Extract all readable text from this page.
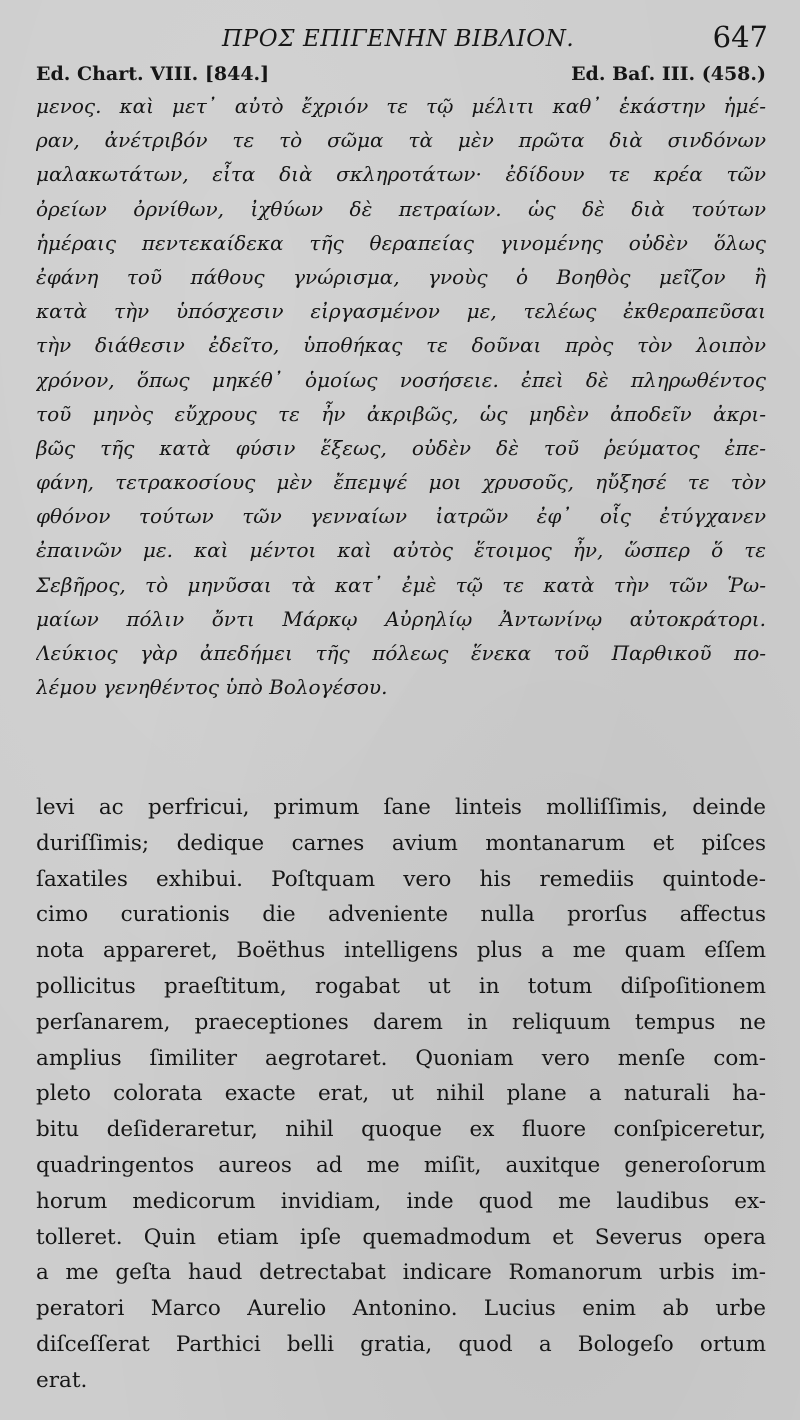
ΠΡΟΣ ΕΠΙΓΕΝΗΝ ΒΙΒΛΙΟΝ.	647
Ed. Chart. VIII. [844.]	Ed. Baſ. III. (458.)
μενος. καὶ μετ᾽ αὐτὸ ἔχριόν τε τῷ μέλιτι καθ᾽ ἑκάστην ἡμέ-
ραν, ἀνέτριβόν τε τὸ σῶμα τὰ μὲν πρῶτα διὰ σινδόνων
μαλακωτάτων, εἶτα διὰ σκληροτάτων· ἐδίδουν τε κρέα τῶν
ὀρείων ὀρνίθων, ἰχθύων δὲ πετραίων. ὡς δὲ διὰ τούτων
ἡμέραις πεντεκαίδεκα τῆς θεραπείας γινομένης οὐδὲν ὅλως
ἐφάνη τοῦ πάθους γνώρισμα, γνοὺς ὁ Βοηθὸς μεῖζον ἢ
κατὰ τὴν ὑπόσχεσιν εἰργασμένον με, τελέως ἐκθεραπεῦσαι
τὴν διάθεσιν ἐδεῖτο, ὑποθήκας τε δοῦναι πρὸς τὸν λοιπὸν
χρόνον, ὅπως μηκέθ᾽ ὁμοίως νοσήσειε. ἐπεὶ δὲ πληρωθέντος
τοῦ μηνὸς εὔχρους τε ἦν ἀκριβῶς, ὡς μηδὲν ἀποδεῖν ἀκρι-
βῶς τῆς κατὰ φύσιν ἕξεως, οὐδὲν δὲ τοῦ ῥεύματος ἐπε-
φάνη, τετρακοσίους μὲν ἔπεμψέ μοι χρυσοῦς, ηὔξησέ τε τὸν
φθόνον τούτων τῶν γενναίων ἰατρῶν ἐφ᾽ οἷς ἐτύγχανεν
ἐπαινῶν με. καὶ μέντοι καὶ αὐτὸς ἕτοιμος ἦν, ὥσπερ ὅ τε
Σεβῆρος, τὸ μηνῦσαι τὰ κατ᾽ ἐμὲ τῷ τε κατὰ τὴν τῶν Ῥω-
μαίων πόλιν ὄντι Μάρκῳ Αὐρηλίῳ Ἀντωνίνῳ αὐτοκράτορι.
Λεύκιος γὰρ ἀπεδήμει τῆς πόλεως ἕνεκα τοῦ Παρθικοῦ πο-
λέμου γενηθέντος ὑπὸ Βολογέσου.
levi ac perfricui, primum ſane linteis molliſſimis, deinde
duriſſimis; dedique carnes avium montanarum et piſces
ſaxatiles exhibui. Poſtquam vero his remediis quintode-
cimo curationis die adveniente nulla prorſus affectus
nota appareret, Boëthus intelligens plus a me quam eſſem
pollicitus praeſtitum, rogabat ut in totum diſpoſitionem
perſanarem, praeceptiones darem in reliquum tempus ne
amplius ſimiliter aegrotaret. Quoniam vero menſe com-
pleto colorata exacte erat, ut nihil plane a naturali ha-
bitu deſideraretur, nihil quoque ex fluore conſpiceretur,
quadringentos aureos ad me miſit, auxitque generoſorum
horum medicorum invidiam, inde quod me laudibus ex-
tolleret. Quin etiam ipſe quemadmodum et Severus opera
a me geſta haud detrectabat indicare Romanorum urbis im-
peratori Marco Aurelio Antonino. Lucius enim ab urbe
diſceſſerat Parthici belli gratia, quod a Bologeſo ortum
erat.
